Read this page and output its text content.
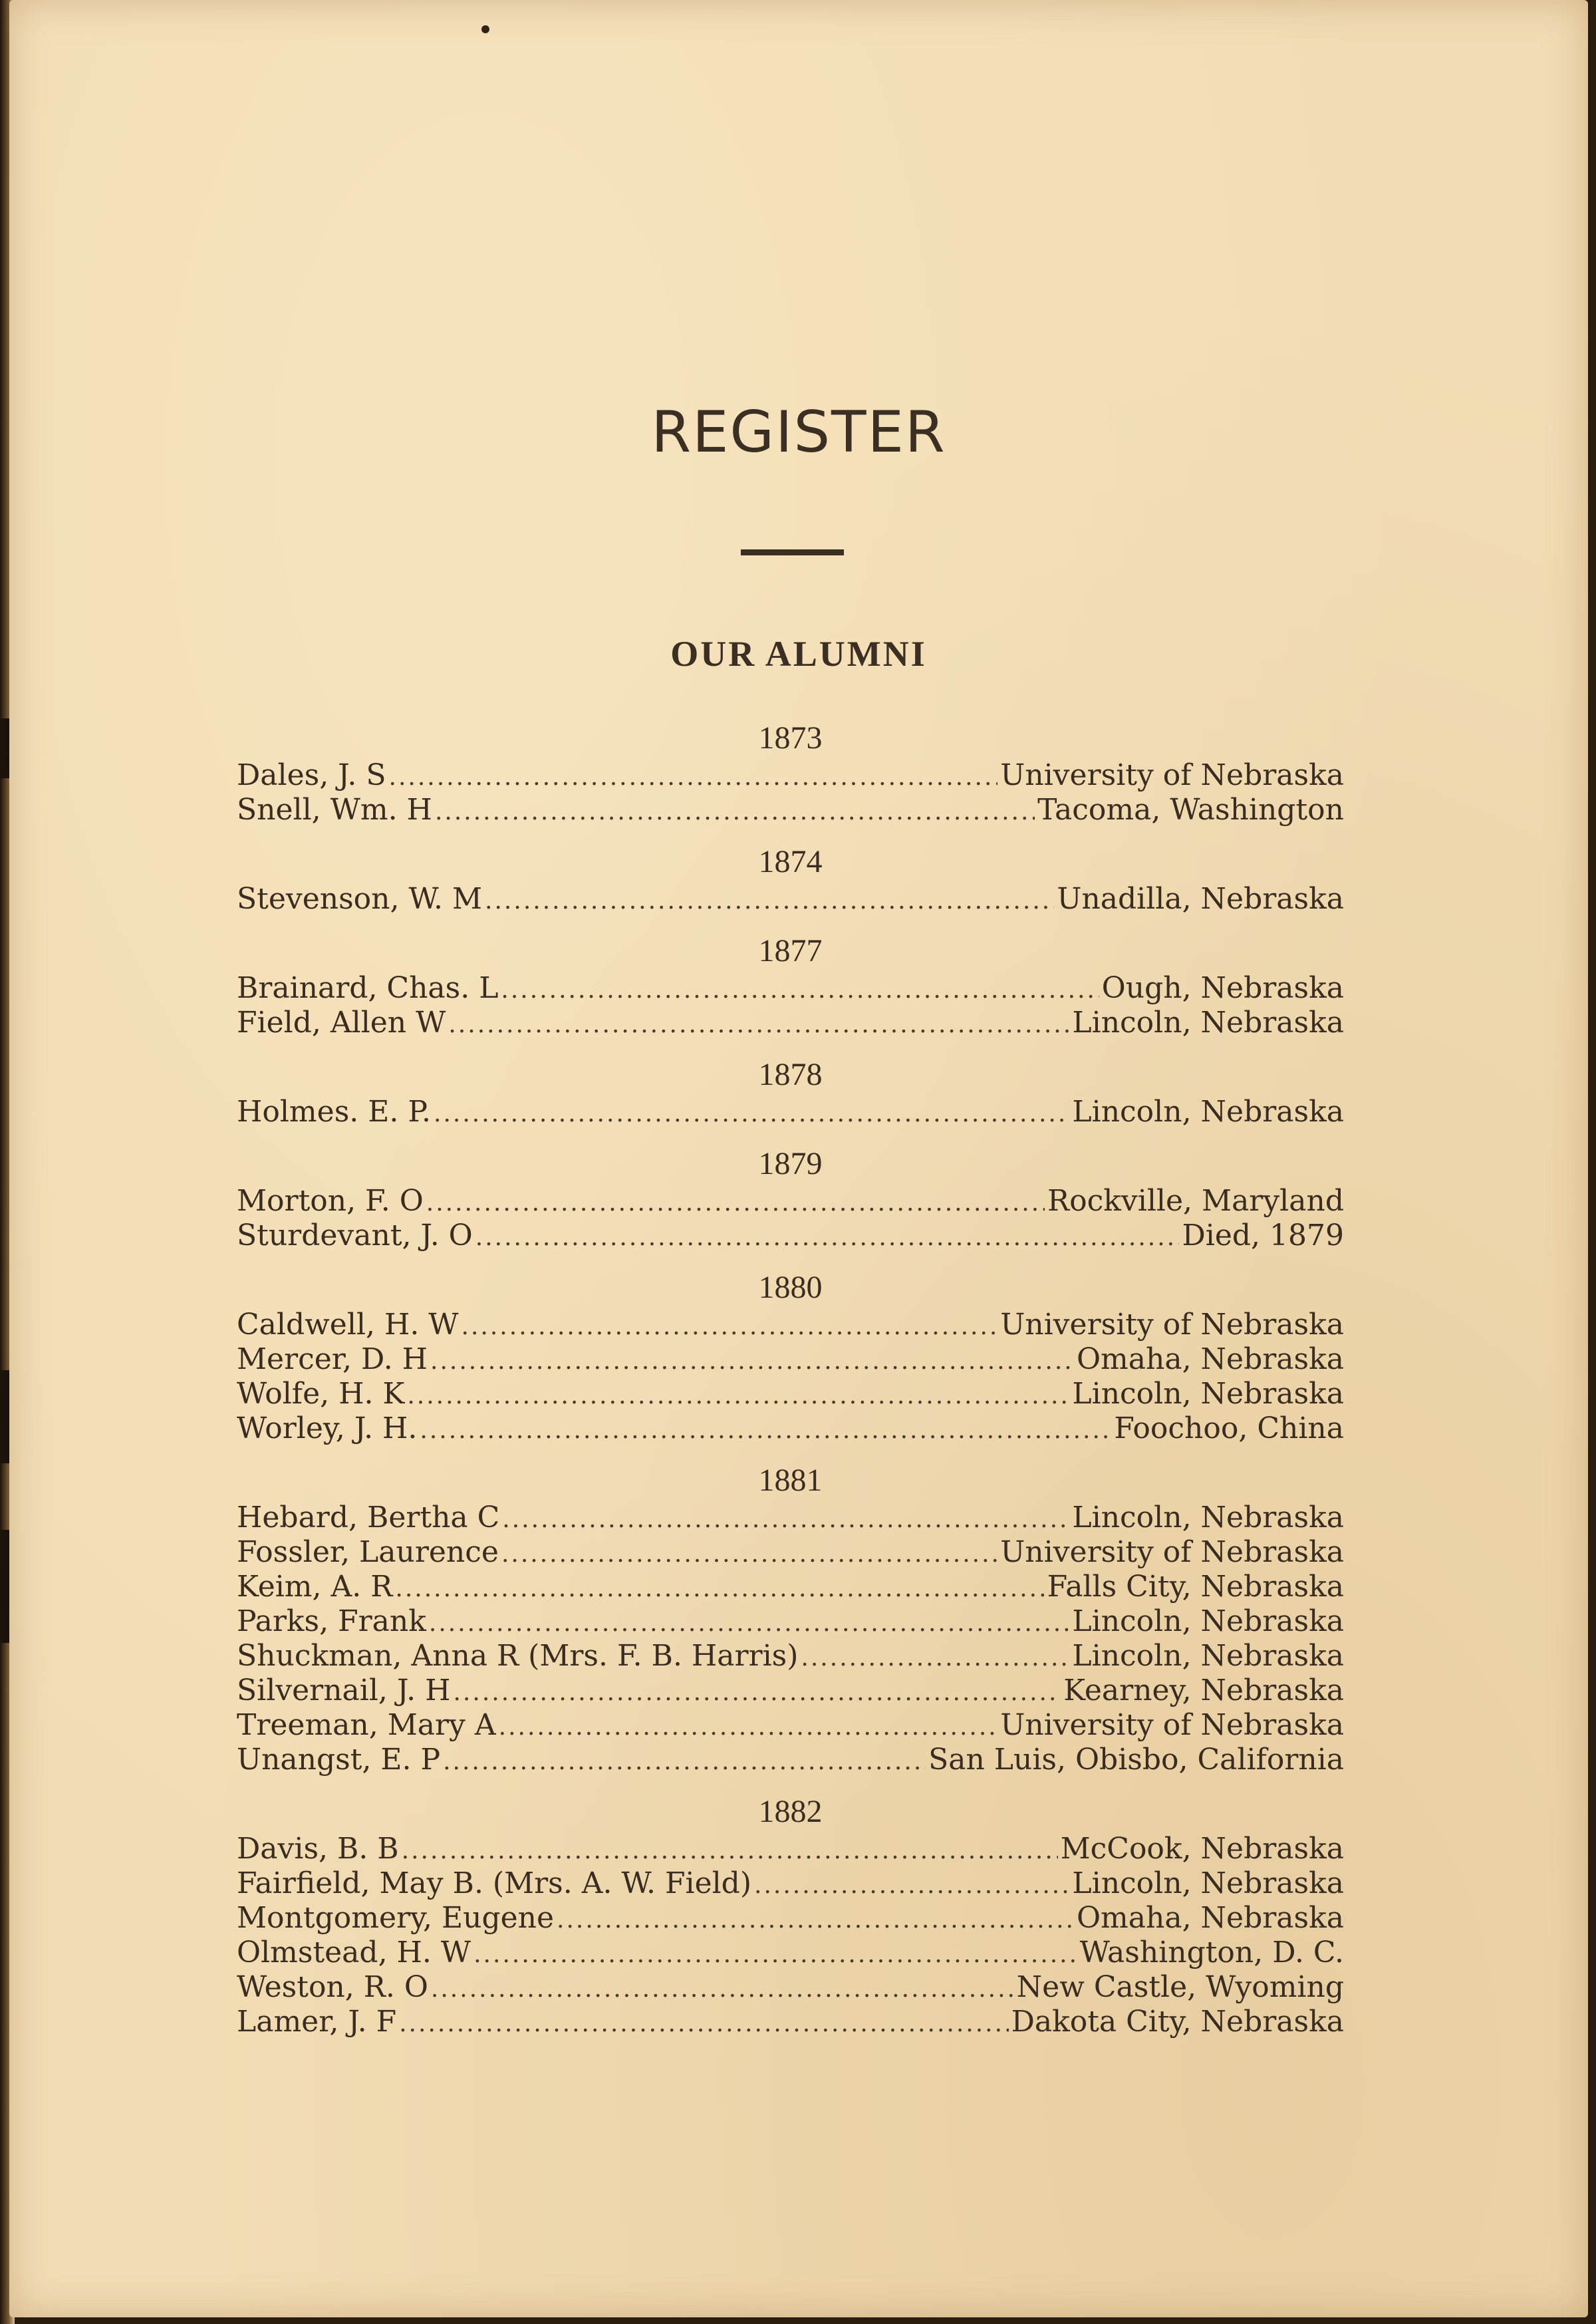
REGISTER
OUR ALUMNI
1873
Dales, J. S .....	University of Nebraska
Snell, Wm. H .....	Tacoma, Washington
1874
Stevenson, W. M .....	Unadilla, Nebraska
1877
Brainard, Chas. L .....	Ough, Nebraska
Field, Allen W .....	Lincoln, Nebraska
1878
Holmes. E. P. .....	Lincoln, Nebraska
1879
Morton, F. O .....	Rockville, Maryland
Sturdevant, J. O .....	Died, 1879
1880
Caldwell, H. W .....	University of Nebraska
Mercer, D. H .....	Omaha, Nebraska
Wolfe, H. K .....	Lincoln, Nebraska
Worley, J. H. .....	Foochoo, China
1881
Hebard, Bertha C .....	Lincoln, Nebraska
Fossler, Laurence .....	University of Nebraska
Keim, A. R .....	Falls City, Nebraska
Parks, Frank .....	Lincoln, Nebraska
Shuckman, Anna R (Mrs. F. B. Harris) .....	Lincoln, Nebraska
Silvernail, J. H .....	Kearney, Nebraska
Treeman, Mary A .....	University of Nebraska
Unangst, E. P .....	San Luis, Obisbo, California
1882
Davis, B. B .....	McCook, Nebraska
Fairfield, May B. (Mrs. A. W. Field) .....	Lincoln, Nebraska
Montgomery, Eugene .....	Omaha, Nebraska
Olmstead, H. W .....	Washington, D. C.
Weston, R. O .....	New Castle, Wyoming
Lamer, J. F .....	Dakota City, Nebraska
